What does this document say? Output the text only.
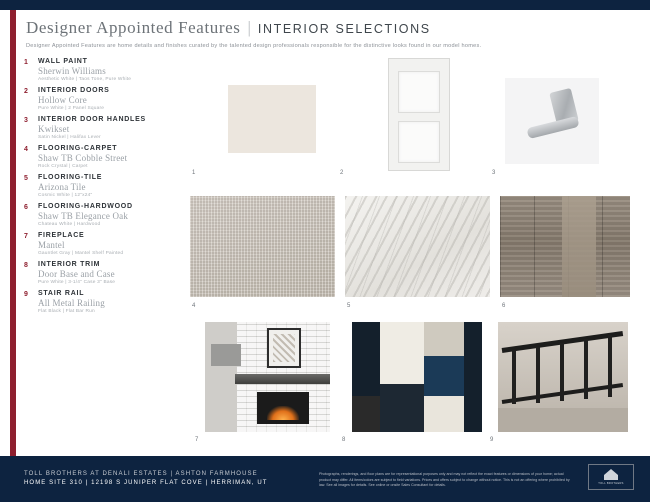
Designer Appointed Features | INTERIOR SELECTIONS
Designer Appointed Features are home details and finishes curated by the talented design professionals responsible for the distinctive looks found in our model homes.
1 WALL PAINT
Sherwin Williams
Aesthetic White | Taos Tone, Pure White
2 INTERIOR DOORS
Hollow Core
Pure White | 2 Panel Square
3 INTERIOR DOOR HANDLES
Kwikset
Satin Nickel | Halifax Lever
4 FLOORING-CARPET
Shaw TB Cobble Street
Rock Crystal | Carpet
5 FLOORING-TILE
Arizona Tile
Cosmic White | 12"x24"
6 FLOORING-HARDWOOD
Shaw TB Elegance Oak
Chateau White | Hardwood
7 FIREPLACE
Mantel
Gauntlet Gray | Mantel Shelf Painted
8 INTERIOR TRIM
Door Base and Case
Pure White | 3-1/4" Case 3" Base
9 STAIR RAIL
All Metal Railing
Flat Black | Flat Bar Run
1	2	3
4	5	6
7	8	9
TOLL BROTHERS AT DENALI ESTATES | ASHTON FARMHOUSE
HOME SITE 310 | 12198 S JUNIPER FLAT COVE | HERRIMAN, UT
Photographs, renderings, and floor plans are for representational purposes only and may not reflect the exact features or dimensions of your home; actual product may differ. All items/colors are subject to field variations. Prices and offers subject to change without notice. This is not an offering where prohibited by law. See all images for details. See online or onsite Sales Consultant for details.	TOLL BROTHERS
